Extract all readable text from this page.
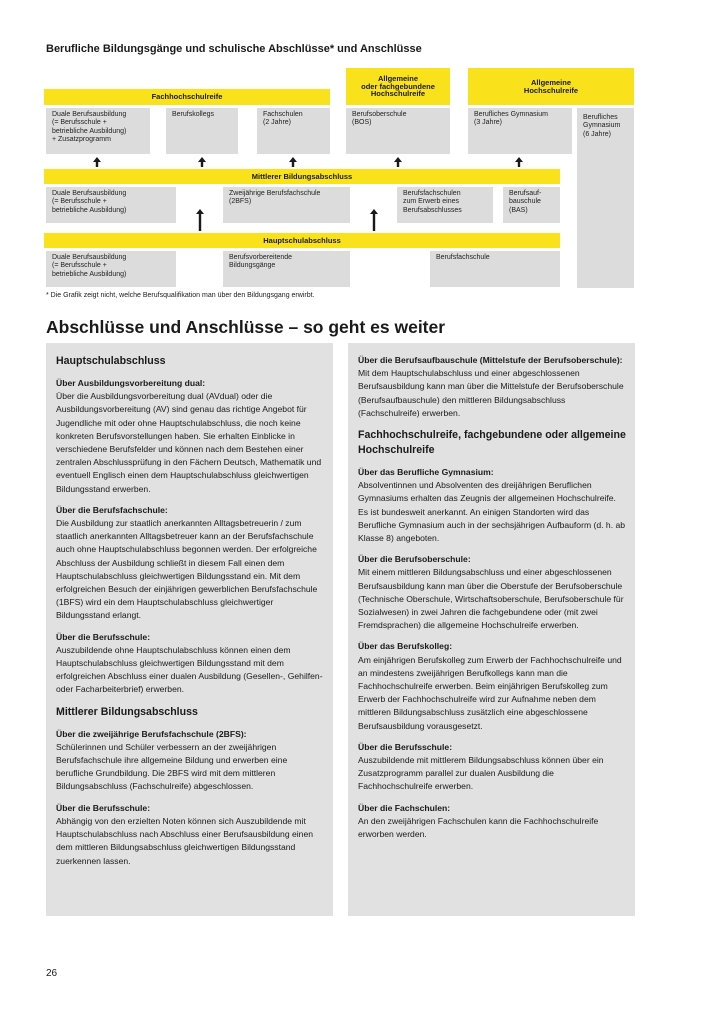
Berufliche Bildungsgänge und schulische Abschlüsse* und Anschlüsse
Fachhochschulreife
Allgemeine
oder fachgebundene
Hochschulreife
Allgemeine
Hochschulreife
Duale Berufsausbildung
(= Berufsschule +
betriebliche Ausbildung)
+ Zusatzprogramm
Berufskollegs	Fachschulen
(2 Jahre)
Berufsoberschule
(BOS)
Berufliches Gymnasium
(3 Jahre)
Berufliches
Gymnasium
(6 Jahre)
Mittlerer Bildungsabschluss
Duale Berufsausbildung
(= Berufsschule +
betriebliche Ausbildung)
Zweijährige Berufsfachschule
(2BFS)
Berufsfachschulen
zum Erwerb eines
Berufsabschlusses
Berufsauf-
bauschule
(BAS)
Hauptschulabschluss
Duale Berufsausbildung
(= Berufsschule +
betriebliche Ausbildung)
Berufsvorbereitende
Bildungsgänge
Berufsfachschule
* Die Grafik zeigt nicht, welche Berufsqualifikation man über den Bildungsgang erwirbt.
Abschlüsse und Anschlüsse – so geht es weiter
Hauptschulabschluss
Über Ausbildungsvorbereitung dual:

Über die Ausbildungsvorbereitung dual (AVdual) oder die Ausbildungsvorbereitung (AV) sind genau das richtige Angebot für Jugendliche mit oder ohne Hauptschulabschluss, die noch keine konkreten Berufsvorstellungen haben. Sie erhalten Einblicke in verschiedene Berufsfelder und können nach dem Bestehen einer zentralen Abschlussprüfung in den Fächern Deutsch, Mathematik und eventuell Englisch einen dem Hauptschulabschluss gleichwertigen Bildungsstand erwerben.

Über die Berufsfachschule:

Die Ausbildung zur staatlich anerkannten Alltagsbetreuerin / zum staatlich anerkannten Alltagsbetreuer kann an der Berufsfachschule auch ohne Hauptschulabschluss begonnen werden. Der erfolgreiche Abschluss der Ausbildung schließt in diesem Fall einen dem Hauptschulabschluss gleichwertigen Bildungsstand ein. Mit dem erfolgreichen Besuch der einjährigen gewerblichen Berufsfachschule (1BFS) wird ein dem Hauptschulabschluss gleichwertiger Bildungsstand erlangt.

Über die Berufsschule:

Auszubildende ohne Hauptschulabschluss können einen dem Hauptschulabschluss gleichwertigen Bildungsstand mit dem erfolgreichen Abschluss einer dualen Ausbildung (Gesellen-, Gehilfen- oder Facharbeiterbrief) erwerben.

Mittlerer Bildungsabschluss
Über die zweijährige Berufsfachschule (2BFS):

Schülerinnen und Schüler verbessern an der zweijährigen Berufsfachschule ihre allgemeine Bildung und erwerben eine berufliche Grundbildung. Die 2BFS wird mit dem mittleren Bildungsabschluss (Fachschulreife) abgeschlossen.

Über die Berufsschule:

Abhängig von den erzielten Noten können sich Auszubildende mit Hauptschulabschluss nach Abschluss einer Berufsausbildung einen dem mittleren Bildungsabschluss gleichwertigen Bildungsstand zuerkennen lassen.

Über die Berufsaufbauschule (Mittelstufe der Berufsoberschule):

Mit dem Hauptschulabschluss und einer abgeschlossenen Berufsausbildung kann man über die Mittelstufe der Berufsoberschule (Berufsaufbauschule) den mittleren Bildungsabschluss (Fachschulreife) erwerben.

Fachhochschulreife, fachgebundene oder allgemeine Hochschulreife
Über das Berufliche Gymnasium:

Absolventinnen und Absolventen des dreijährigen Beruflichen Gymnasiums erhalten das Zeugnis der allgemeinen Hochschulreife. Es ist bundesweit anerkannt. An einigen Standorten wird das Berufliche Gymnasium auch in der sechsjährigen Aufbauform (d. h. ab Klasse 8) angeboten.

Über die Berufsoberschule:

Mit einem mittleren Bildungsabschluss und einer abgeschlossenen Berufsausbildung kann man über die Oberstufe der Berufsoberschule (Technische Oberschule, Wirtschaftsoberschule, Berufsoberschule für Sozialwesen) in zwei Jahren die fachgebundene oder (mit zwei Fremdsprachen) die allgemeine Hochschulreife erwerben.

Über das Berufskolleg:

Am einjährigen Berufskolleg zum Erwerb der Fachhochschulreife und an mindestens zweijährigen Berufkollegs kann man die Fachhochschulreife erwerben. Beim einjährigen Berufskolleg zum Erwerb der Fachhochschulreife wird zur Aufnahme neben dem mittleren Bildungsabschluss zusätzlich eine abgeschlossene Berufsausbildung vorausgesetzt.

Über die Berufsschule:

Auszubildende mit mittlerem Bildungsabschluss können über ein Zusatzprogramm parallel zur dualen Ausbildung die Fachhochschulreife erwerben.

Über die Fachschulen:

An den zweijährigen Fachschulen kann die Fachhochschulreife erworben werden.

26
